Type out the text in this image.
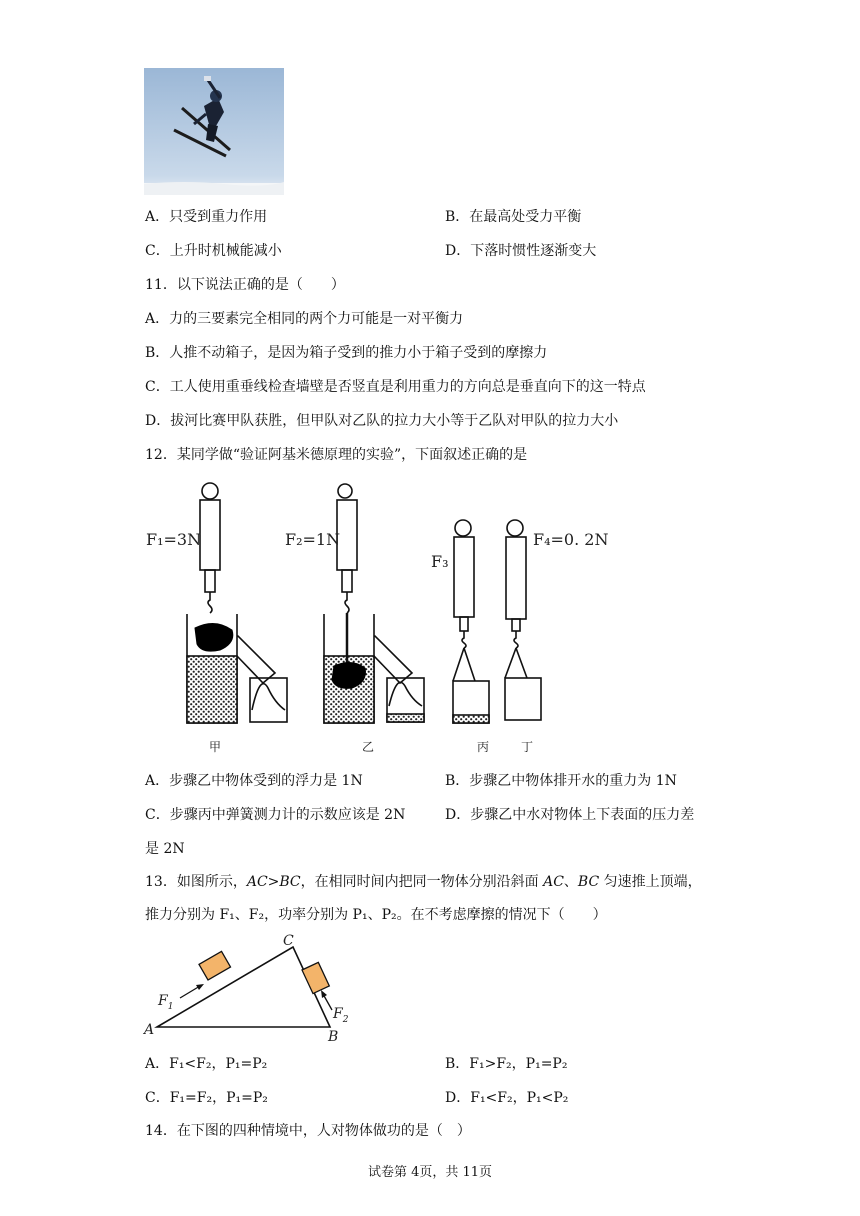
A．只受到重力作用	B．在最高处受力平衡
C．上升时机械能减小	D．下落时惯性逐渐变大
11．以下说法正确的是（　　）
A．力的三要素完全相同的两个力可能是一对平衡力
B．人推不动箱子，是因为箱子受到的推力小于箱子受到的摩擦力
C．工人使用重垂线检查墙壁是否竖直是利用重力的方向总是垂直向下的这一特点
D．拔河比赛甲队获胜，但甲队对乙队的拉力大小等于乙队对甲队的拉力大小
12．某同学做“验证阿基米德原理的实验”，下面叙述正确的是
F₁=3N	F₂=1N
F₃
F₄=0. 2N
甲	乙	丙	丁
A．步骤乙中物体受到的浮力是 1N	B．步骤乙中物体排开水的重力为 1N
C．步骤丙中弹簧测力计的示数应该是 2N	D．步骤乙中水对物体上下表面的压力差
是 2N
13．如图所示，AC>BC，在相同时间内把同一物体分别沿斜面 AC、BC 匀速推上顶端，
推力分别为 F₁、F₂，功率分别为 P₁、P₂。在不考虑摩擦的情况下（　　）
C
A	B
$F_1$	$F_2$
A．F₁<F₂，P₁=P₂	B．F₁>F₂，P₁=P₂
C．F₁=F₂，P₁=P₂	D．F₁<F₂，P₁<P₂
14．在下图的四种情境中，人对物体做功的是（　）
试卷第 4页，共 11页
